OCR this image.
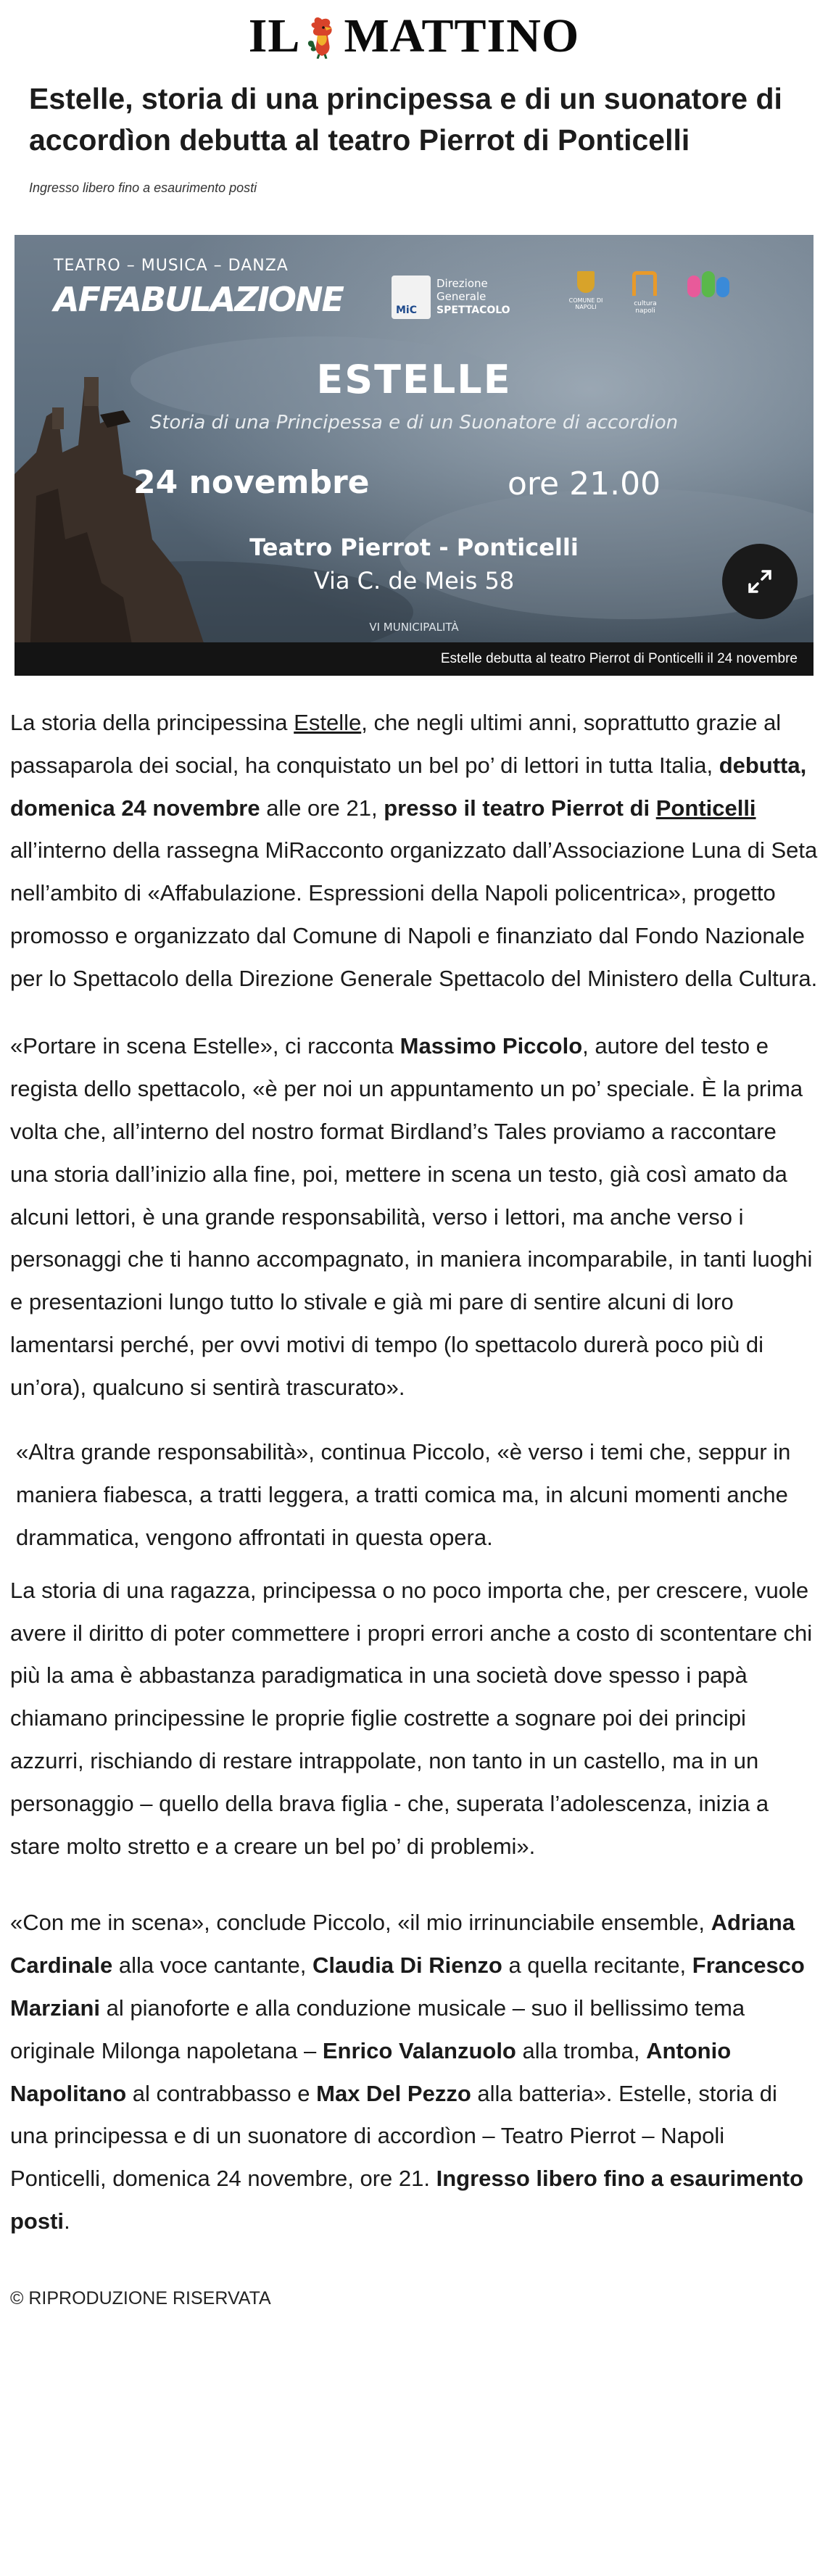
IL MATTINO
Estelle, storia di una principessa e di un suonatore di accordìon debutta al teatro Pierrot di Ponticelli

Ingresso libero fino a esaurimento posti

TEATRO – MUSICA – DANZA
AFFABULAZIONE	MiC
Direzione
Generale
SPETTACOLO
COMUNE DI NAPOLI	cultura napoli
ESTELLE
Storia di una Principessa e di un Suonatore di accordion
24 novembre	ore 21.00
Teatro Pierrot - Ponticelli
Via C. de Meis 58
VI MUNICIPALITÀ
Estelle debutta al teatro Pierrot di Ponticelli il 24 novembre

La storia della principessina Estelle, che negli ultimi anni, soprattutto grazie al passaparola dei social, ha conquistato un bel po’ di lettori in tutta Italia, debutta, domenica 24 novembre alle ore 21, presso il teatro Pierrot di Ponticelli all’interno della rassegna MiRacconto organizzato dall’Associazione Luna di Seta nell’ambito di «Affabulazione. Espressioni della Napoli policentrica», progetto promosso e organizzato dal Comune di Napoli e finanziato dal Fondo Nazionale per lo Spettacolo della Direzione Generale Spettacolo del Ministero della Cultura.

«Portare in scena Estelle», ci racconta Massimo Piccolo, autore del testo e regista dello spettacolo, «è per noi un appuntamento un po’ speciale. È la prima volta che, all’interno del nostro format Birdland’s Tales proviamo a raccontare una storia dall’inizio alla fine, poi, mettere in scena un testo, già così amato da alcuni lettori, è una grande responsabilità, verso i lettori, ma anche verso i personaggi che ti hanno accompagnato, in maniera incomparabile, in tanti luoghi e presentazioni lungo tutto lo stivale e già mi pare di sentire alcuni di loro lamentarsi perché, per ovvi motivi di tempo (lo spettacolo durerà poco più di un’ora), qualcuno si sentirà trascurato».

«Altra grande responsabilità», continua Piccolo, «è verso i temi che, seppur in maniera fiabesca, a tratti leggera, a tratti comica ma, in alcuni momenti anche drammatica, vengono affrontati in questa opera.

La storia di una ragazza, principessa o no poco importa che, per crescere, vuole avere il diritto di poter commettere i propri errori anche a costo di scontentare chi più la ama è abbastanza paradigmatica in una società dove spesso i papà chiamano principessine le proprie figlie costrette a sognare poi dei principi azzurri, rischiando di restare intrappolate, non tanto in un castello, ma in un personaggio – quello della brava figlia - che, superata l’adolescenza, inizia a stare molto stretto e a creare un bel po’ di problemi».

«Con me in scena», conclude Piccolo, «il mio irrinunciabile ensemble, Adriana Cardinale alla voce cantante, Claudia Di Rienzo a quella recitante, Francesco Marziani al pianoforte e alla conduzione musicale – suo il bellissimo tema originale Milonga napoletana – Enrico Valanzuolo alla tromba, Antonio Napolitano al contrabbasso e Max Del Pezzo alla batteria». Estelle, storia di una principessa e di un suonatore di accordìon – Teatro Pierrot – Napoli Ponticelli, domenica 24 novembre, ore 21. Ingresso libero fino a esaurimento posti.

© RIPRODUZIONE RISERVATA
